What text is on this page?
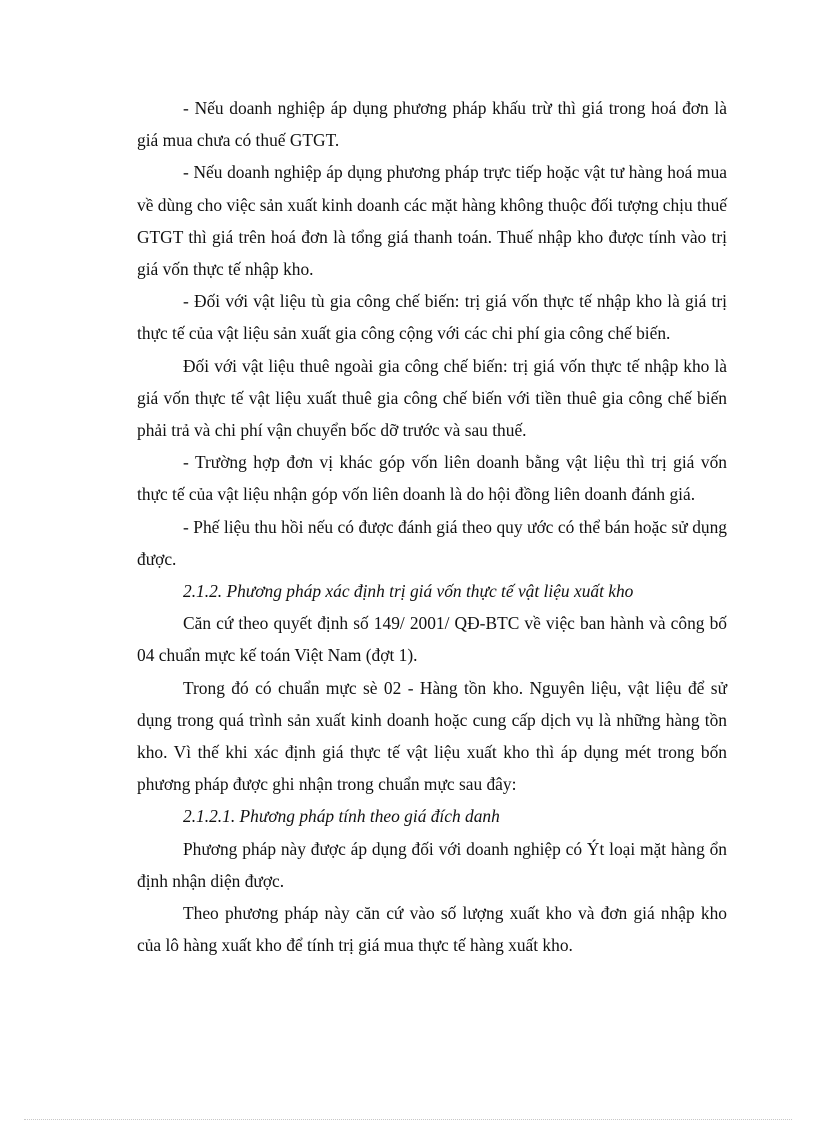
- Nếu doanh nghiệp áp dụng phương pháp khấu trừ thì giá trong hoá đơn là giá mua chưa có thuế GTGT.

- Nếu doanh nghiệp áp dụng phương pháp trực tiếp hoặc vật tư hàng hoá mua về dùng cho việc sản xuất kinh doanh các mặt hàng không thuộc đối tượng chịu thuế GTGT thì giá trên hoá đơn là tổng giá thanh toán. Thuế nhập kho được tính vào trị giá vốn thực tế nhập kho.

- Đối với vật liệu tù gia công chế biến: trị giá vốn thực tế nhập kho là giá trị thực tế của vật liệu sản xuất gia công cộng với các chi phí gia công chế biến.

Đối với vật liệu thuê ngoài gia công chế biến: trị giá vốn thực tế nhập kho là giá vốn thực tế vật liệu xuất thuê gia công chế biến với tiền thuê gia công chế biến phải trả và chi phí vận chuyển bốc dỡ trước và sau thuế.

- Trường hợp đơn vị khác góp vốn liên doanh bằng vật liệu thì trị giá vốn thực tế của vật liệu nhận góp vốn liên doanh là do hội đồng liên doanh đánh giá.

- Phế liệu thu hồi nếu có được đánh giá theo quy ước có thể bán hoặc sử dụng được.

2.1.2. Phương pháp xác định trị giá vốn thực tế vật liệu xuất kho

Căn cứ theo quyết định số 149/ 2001/ QĐ-BTC về việc ban hành và công bố 04 chuẩn mực kế toán Việt Nam (đợt 1).

Trong đó có chuẩn mực sè 02 - Hàng tồn kho. Nguyên liệu, vật liệu để sử dụng trong quá trình sản xuất kinh doanh hoặc cung cấp dịch vụ là những hàng tồn kho. Vì thế khi xác định giá thực tế vật liệu xuất kho thì áp dụng mét trong bốn phương pháp được ghi nhận trong chuẩn mực sau đây:

2.1.2.1. Phương pháp tính theo giá đích danh

Phương pháp này được áp dụng đối với doanh nghiệp có Ýt loại mặt hàng ổn định nhận diện được.

Theo phương pháp này căn cứ vào số lượng xuất kho và đơn giá nhập kho của lô hàng xuất kho để tính trị giá mua thực tế hàng xuất kho.
